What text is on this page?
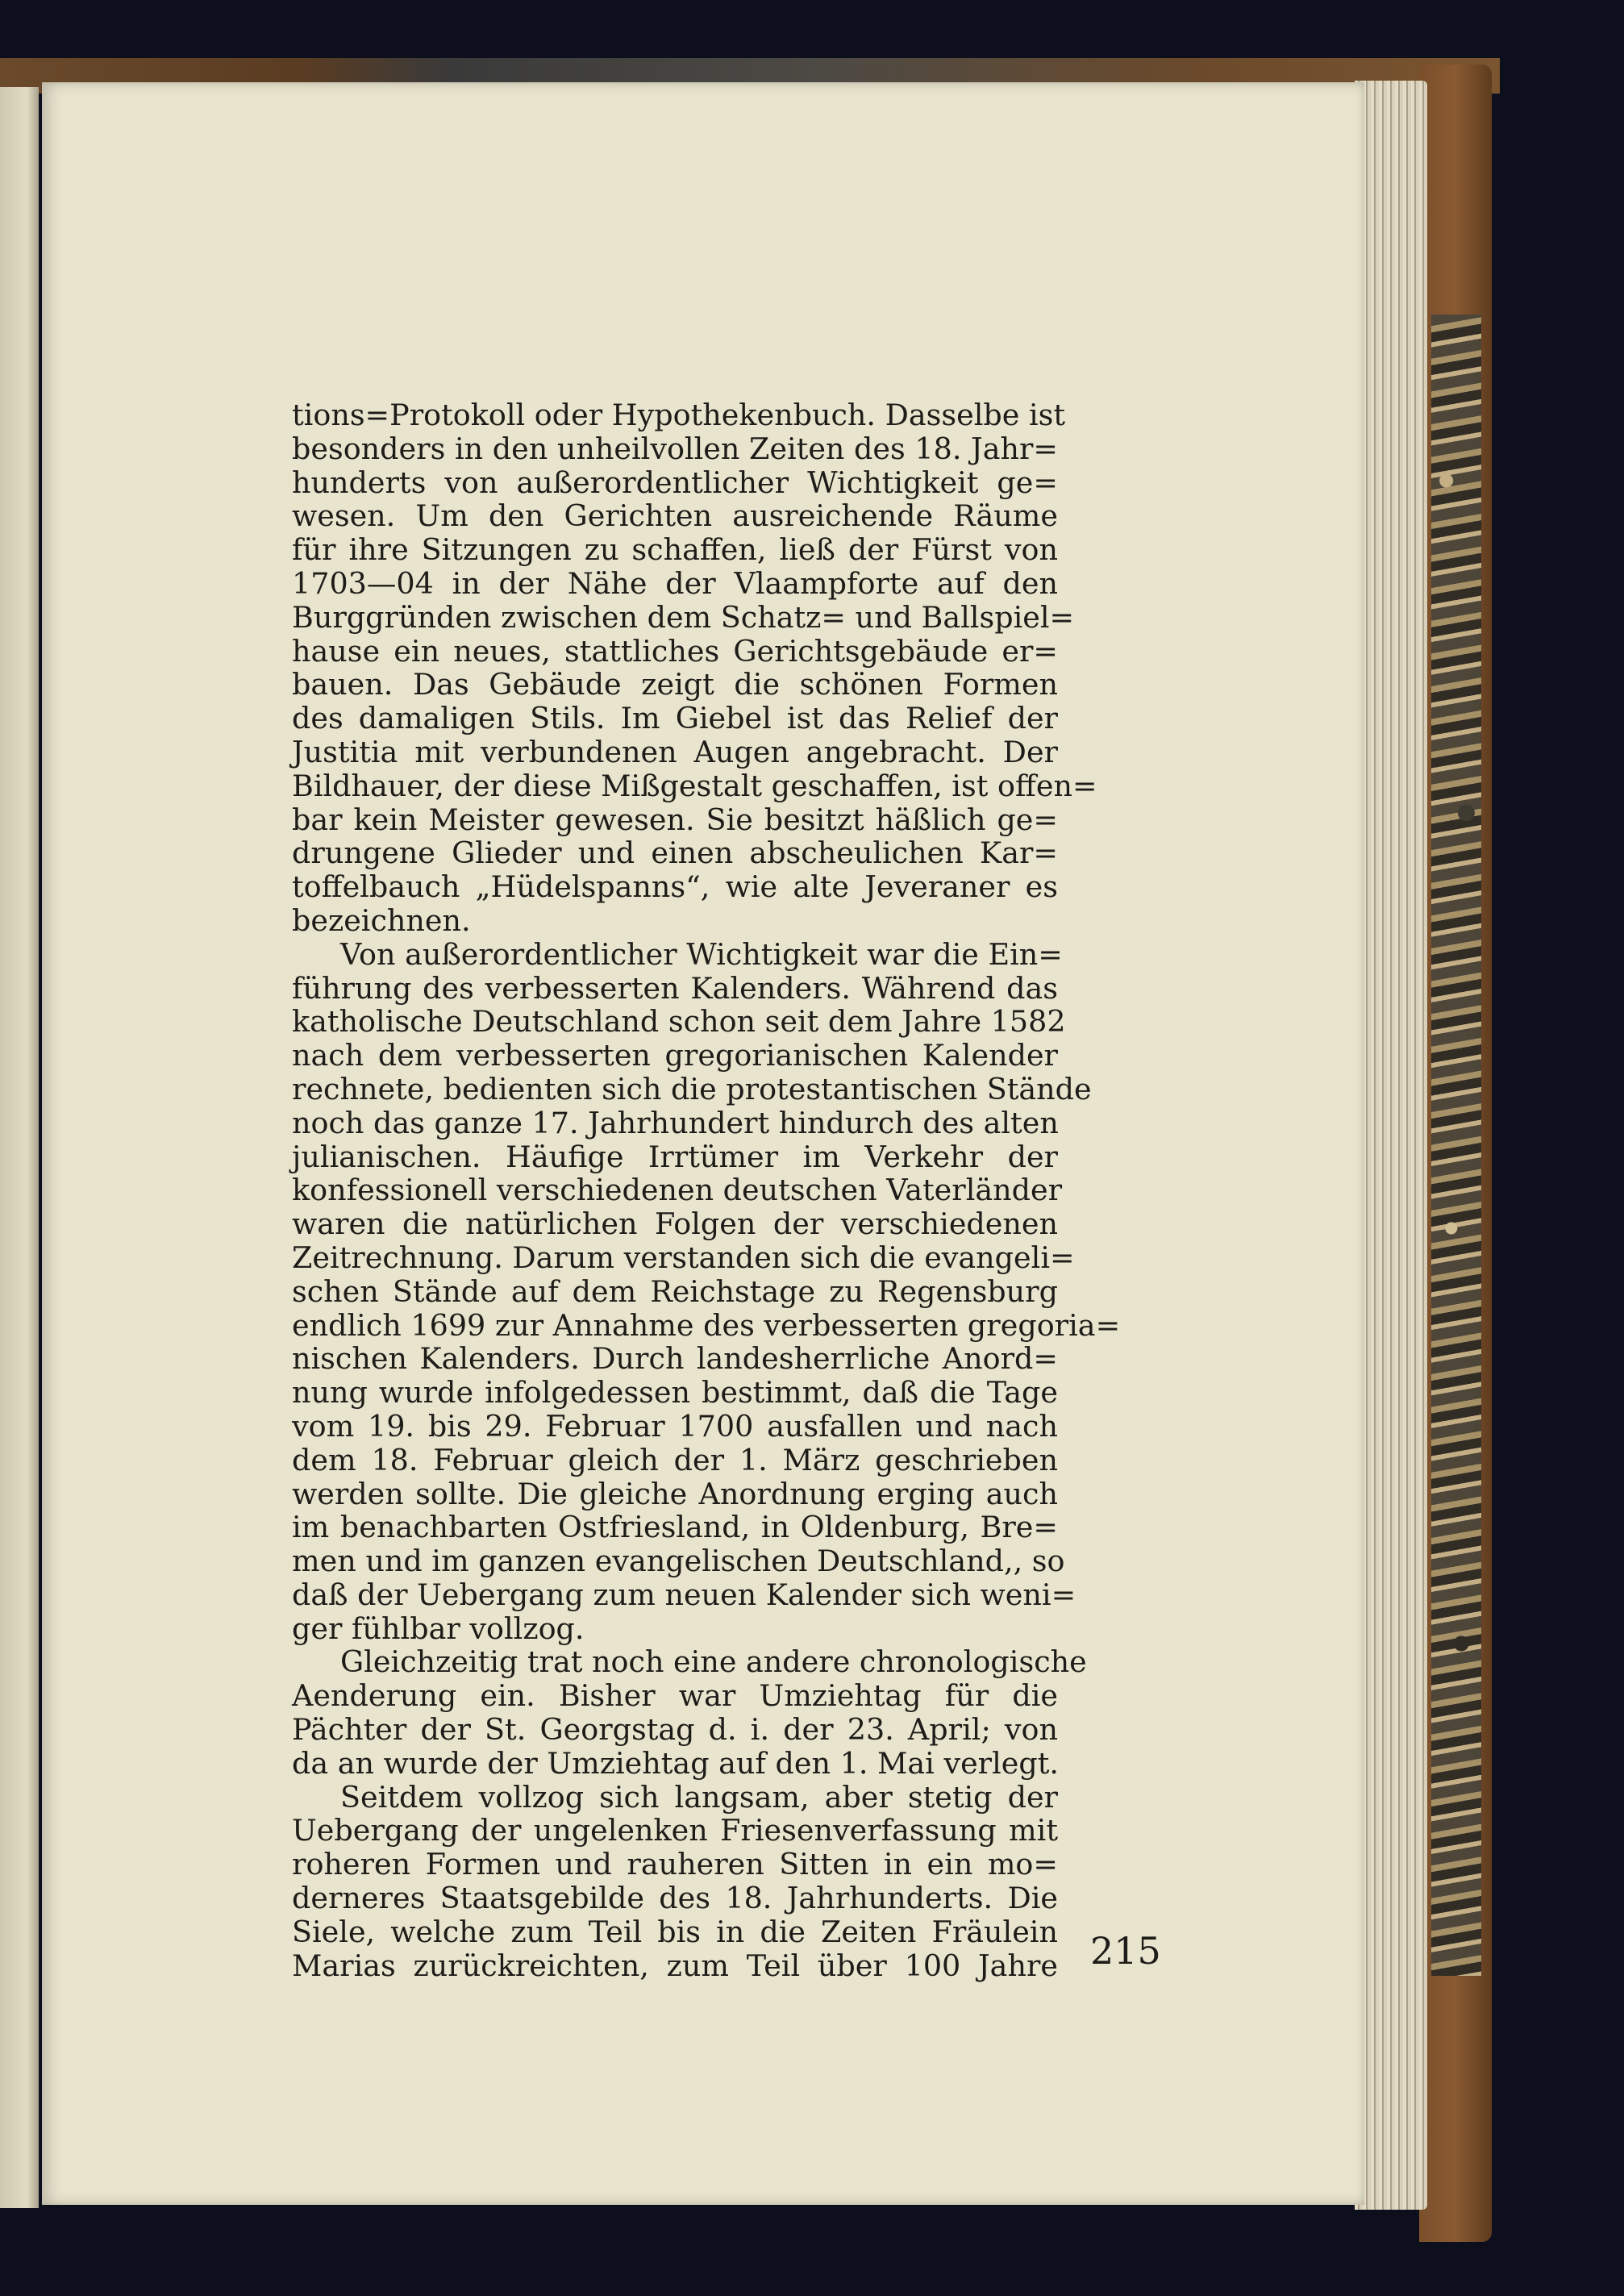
tions=Protokoll oder Hypothekenbuch. Dasselbe ist
besonders in den unheilvollen Zeiten des 18. Jahr=
hunderts von außerordentlicher Wichtigkeit ge=
wesen. Um den Gerichten ausreichende Räume
für ihre Sitzungen zu schaffen, ließ der Fürst von
1703—04 in der Nähe der Vlaampforte auf den
Burggründen zwischen dem Schatz= und Ballspiel=
hause ein neues, stattliches Gerichtsgebäude er=
bauen. Das Gebäude zeigt die schönen Formen
des damaligen Stils. Im Giebel ist das Relief der
Justitia mit verbundenen Augen angebracht. Der
Bildhauer, der diese Mißgestalt geschaffen, ist offen=
bar kein Meister gewesen. Sie besitzt häßlich ge=
drungene Glieder und einen abscheulichen Kar=
toffelbauch „Hüdelspanns“, wie alte Jeveraner es
bezeichnen.
Von außerordentlicher Wichtigkeit war die Ein=
führung des verbesserten Kalenders. Während das
katholische Deutschland schon seit dem Jahre 1582
nach dem verbesserten gregorianischen Kalender
rechnete, bedienten sich die protestantischen Stände
noch das ganze 17. Jahrhundert hindurch des alten
julianischen. Häufige Irrtümer im Verkehr der
konfessionell verschiedenen deutschen Vaterländer
waren die natürlichen Folgen der verschiedenen
Zeitrechnung. Darum verstanden sich die evangeli=
schen Stände auf dem Reichstage zu Regensburg
endlich 1699 zur Annahme des verbesserten gregoria=
nischen Kalenders. Durch landesherrliche Anord=
nung wurde infolgedessen bestimmt, daß die Tage
vom 19. bis 29. Februar 1700 ausfallen und nach
dem 18. Februar gleich der 1. März geschrieben
werden sollte. Die gleiche Anordnung erging auch
im benachbarten Ostfriesland, in Oldenburg, Bre=
men und im ganzen evangelischen Deutschland,, so
daß der Uebergang zum neuen Kalender sich weni=
ger fühlbar vollzog.
Gleichzeitig trat noch eine andere chronologische
Aenderung ein. Bisher war Umziehtag für die
Pächter der St. Georgstag d. i. der 23. April; von
da an wurde der Umziehtag auf den 1. Mai verlegt.
Seitdem vollzog sich langsam, aber stetig der
Uebergang der ungelenken Friesenverfassung mit
roheren Formen und rauheren Sitten in ein mo=
derneres Staatsgebilde des 18. Jahrhunderts. Die
Siele, welche zum Teil bis in die Zeiten Fräulein
Marias zurückreichten, zum Teil über 100 Jahre 215
